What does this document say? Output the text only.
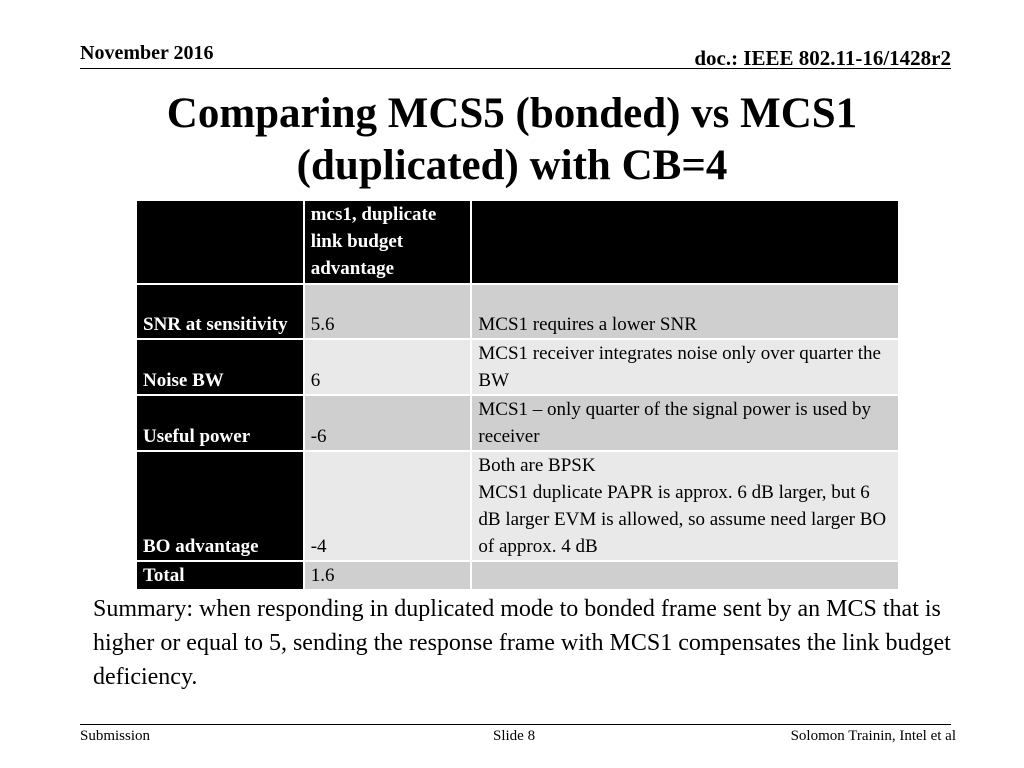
November 2016	doc.: IEEE 802.11-16/1428r2
Comparing MCS5 (bonded) vs MCS1 (duplicated) with CB=4

	mcs1, duplicate link budget advantage	

SNR at sensitivity	5.6	MCS1 requires a lower SNR

Noise BW	6	MCS1 receiver integrates noise only over quarter the BW

Useful power	-6	MCS1 – only quarter of the signal power is used by receiver

BO advantage	-4	Both are BPSK
MCS1 duplicate PAPR is approx. 6 dB larger, but 6 dB larger EVM is allowed, so assume need larger BO of approx. 4 dB

Total	1.6	
Summary: when responding in duplicated mode to bonded frame sent by an MCS that is higher or equal to 5, sending the response frame with MCS1 compensates the link budget deficiency.
Submission	Slide 8	Solomon Trainin, Intel et al
